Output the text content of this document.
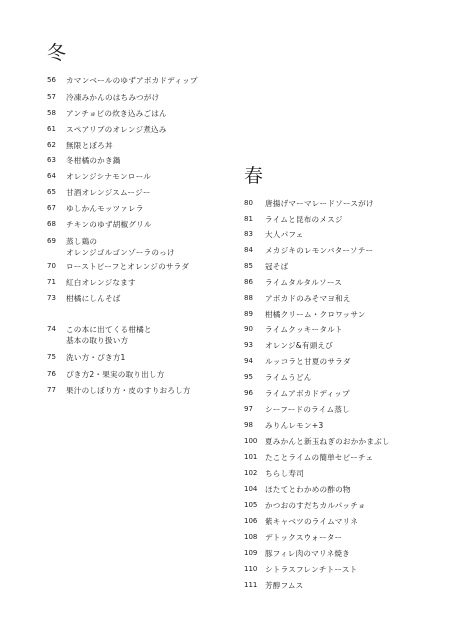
冬
56 カマンベールのゆずアボカドディップ
57 冷凍みかんのはちみつがけ
58 アンチョビの炊き込みごはん
61 スペアリブのオレンジ煮込み
62 無限とぼろ丼
63 冬柑橘のかき鍋
64 オレンジシナモンロール
65 甘酒オレンジスムージー
67 ゆしかんモッツァレラ
68 チキンのゆず胡椒グリル
69 蒸し鶏の
オレンジゴルゴンゾーラのっけ
70 ローストビーフとオレンジのサラダ
71 紅白オレンジなます
73 柑橘にしんそば
74 この本に出てくる柑橘と
基本の取り扱い方
75 洗い方・ぴき方1
76 ぴき方2・果実の取り出し方
77 果汁のしぼり方・皮のすりおろし方
春
80 唐揚げマーマレードソースがけ
81 ライムと昆布のメスジ
83 大人パフェ
84 メカジキのレモンバターソテー
85 冠そば
86 ライムタルタルソース
88 アボカドのみそマヨ和え
89 柑橘クリーム・クロワッサン
90 ライムクッキータルト
93 オレンジ&有頭えび
94 ルッコラと甘夏のサラダ
95 ライムうどん
96 ライムアボカドディップ
97 シーフードのライム蒸し
98 みりんレモン+3
100 夏みかんと新玉ねぎのおかかまぶし
101 たことライムの簡単セビーチェ
102 ちらし寿司
104 ほたてとわかめの酢の物
105 かつおのすだちカルパッチョ
106 紫キャベツのライムマリネ
108 デトックスウォーター
109 豚フィレ肉のマリネ焼き
110 シトラスフレンチトースト
111 芳醇フムス
